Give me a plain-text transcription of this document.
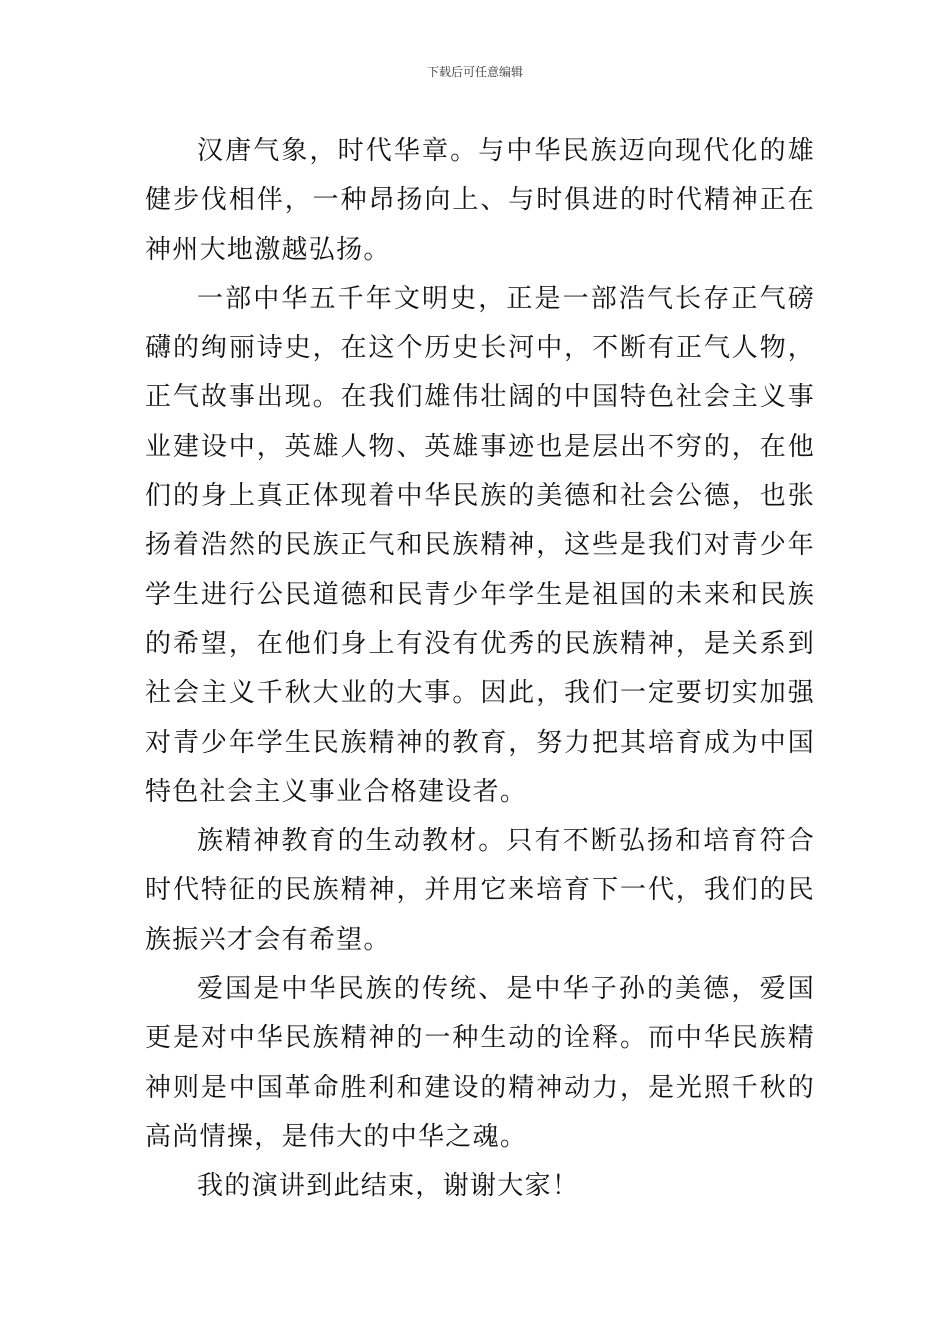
下载后可任意编辑

汉唐气象，时代华章。与中华民族迈向现代化的雄健步伐相伴，一种昂扬向上、与时俱进的时代精神正在神州大地激越弘扬。

一部中华五千年文明史，正是一部浩气长存正气磅礴的绚丽诗史，在这个历史长河中，不断有正气人物，正气故事出现。在我们雄伟壮阔的中国特色社会主义事业建设中，英雄人物、英雄事迹也是层出不穷的，在他们的身上真正体现着中华民族的美德和社会公德，也张扬着浩然的民族正气和民族精神，这些是我们对青少年学生进行公民道德和民青少年学生是祖国的未来和民族的希望，在他们身上有没有优秀的民族精神，是关系到社会主义千秋大业的大事。因此，我们一定要切实加强对青少年学生民族精神的教育，努力把其培育成为中国特色社会主义事业合格建设者。

族精神教育的生动教材。只有不断弘扬和培育符合时代特征的民族精神，并用它来培育下一代，我们的民族振兴才会有希望。

爱国是中华民族的传统、是中华子孙的美德，爱国更是对中华民族精神的一种生动的诠释。而中华民族精神则是中国革命胜利和建设的精神动力，是光照千秋的高尚情操，是伟大的中华之魂。

我的演讲到此结束，谢谢大家！
